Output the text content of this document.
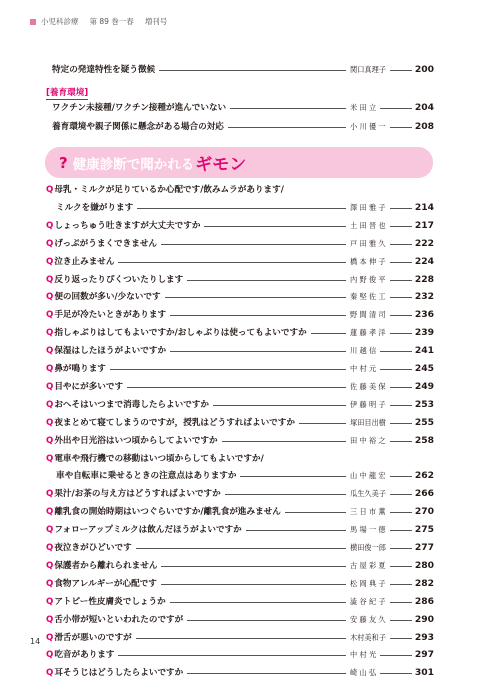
小児科診療 第 89 巻一春 増刊号
特定の発達特性を疑う徴候	関口真理子	200
[養育環境]
ワクチン未接種/ワクチン接種が進んでいない	米 田 立	204
養育環境や親子関係に懸念がある場合の対応	小 川 優 一	208
? 健康診断で聞かれる ギモン
Q母乳・ミルクが足りているか心配です/飲みムラがあります/
ミルクを嫌がります	澤 田 雅 子	214
Qしょっちゅう吐きますが大丈夫ですか	土 田 晋 也	217
Qげっぷがうまくできません	戸 田 雅 久	222
Q泣き止みません	橋 本 伸 子	224
Q反り返ったりぴくついたりします	内 野 俊 平	228
Q便の回数が多い/少ないです	秦 堅 佐 工	232
Q手足が冷たいときがあります	野 間 清 司	236
Q指しゃぶりはしてもよいですか/おしゃぶりは使ってもよいですか	蓮 藤 孝 洋	239
Q保湿はしたほうがよいですか	川 越 信	241
Q鼻が鳴ります	中 村 元	245
Q目やにが多いです	佐 藤 美 保	249
Qおへそはいつまで消毒したらよいですか	伊 藤 明 子	253
Q夜まとめて寝てしまうのですが，授乳はどうすればよいですか	塚田目出樹	255
Q外出や日光浴はいつ頃からしてよいですか	田 中 裕 之	258
Q電車や飛行機での移動はいつ頃からしてもよいですか/
車や自転車に乗せるときの注意点はありますか	山 中 龍 宏	262
Q果汁/お茶の与え方はどうすればよいですか	瓜生久美子	266
Q離乳食の開始時期はいつぐらいですか/離乳食が進みません	三 日 市 薫	270
Qフォローアップミルクは飲んだほうがよいですか	馬 場 一 徳	275
Q夜泣きがひどいです	横田俊一郎	277
Q保護者から離れられません	古 屋 彩 夏	280
Q食物アレルギーが心配です	松 岡 典 子	282
Qアトピー性皮膚炎でしょうか	澁 谷 紀 子	286
Q舌小帯が短いといわれたのですが	安 藤 友 久	290
Q滑舌が悪いのですが	木村美和子	293
Q吃音があります	中 村 光	297
Q耳そうじはどうしたらよいですか	崎 山 弘	301
14
